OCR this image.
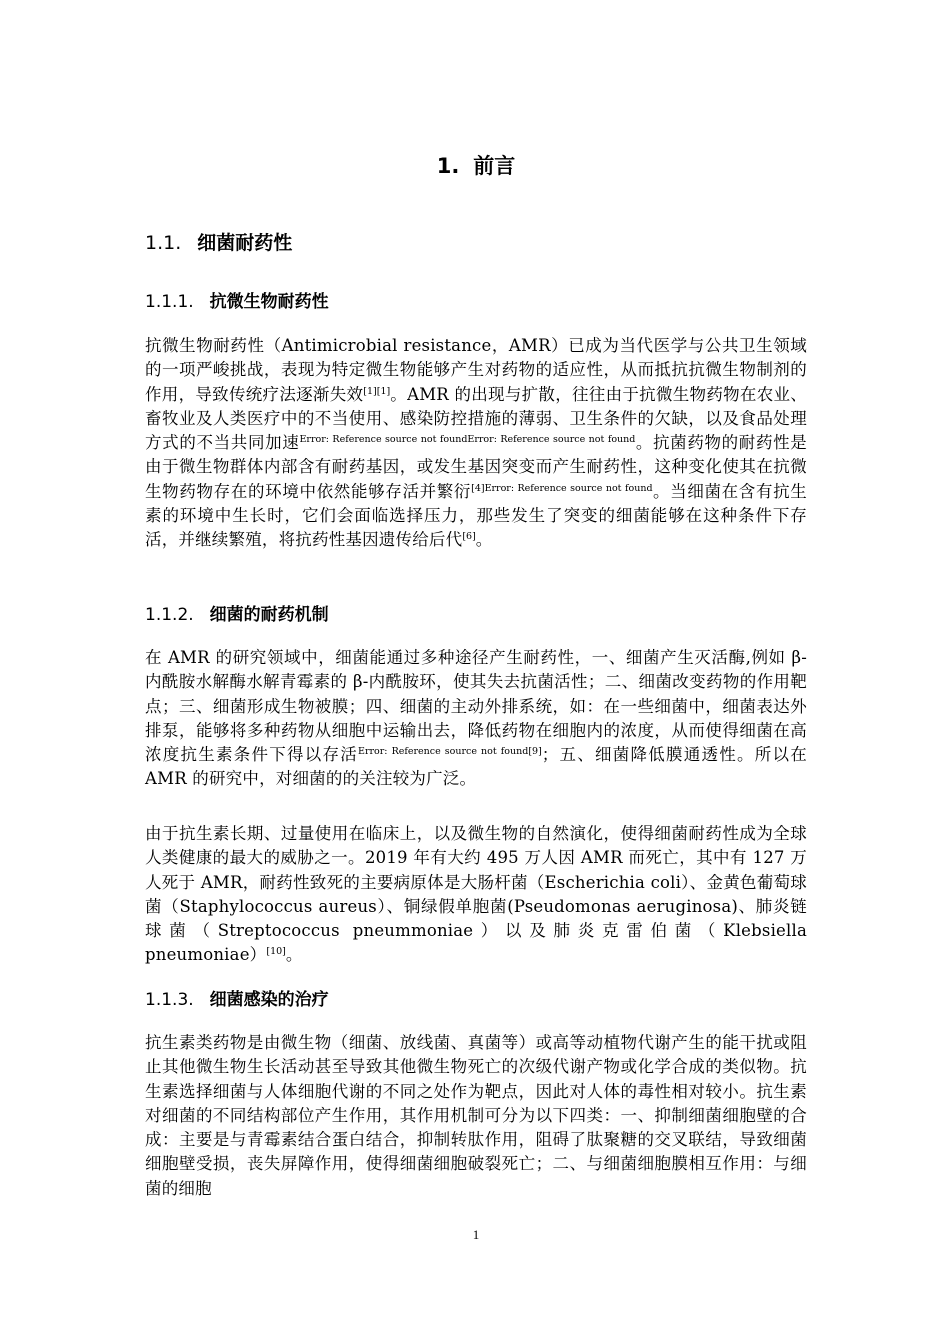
1. 前言
1.1. 细菌耐药性
1.1.1. 抗微生物耐药性

抗微生物耐药性（Antimicrobial resistance，AMR）已成为当代医学与公共卫生领域的一项严峻挑战，表现为特定微生物能够产生对药物的适应性，从而抵抗抗微生物制剂的作用，导致传统疗法逐渐失效[1][1]。AMR 的出现与扩散，往往由于抗微生物药物在农业、畜牧业及人类医疗中的不当使用、感染防控措施的薄弱、卫生条件的欠缺，以及食品处理方式的不当共同加速$^{Error: Reference source not foundError: Reference source not found}$。抗菌药物的耐药性是由于微生物群体内部含有耐药基因，或发生基因突变而产生耐药性，这种变化使其在抗微生物药物存在的环境中依然能够存活并繁衍$^{[4]Error: Reference source not found}$。当细菌在含有抗生素的环境中生长时，它们会面临选择压力，那些发生了突变的细菌能够在这种条件下存活，并继续繁殖，将抗药性基因遗传给后代[6]。

1.1.2. 细菌的耐药机制

在 AMR 的研究领域中，细菌能通过多种途径产生耐药性，一、细菌产生灭活酶,例如 β-内酰胺水解酶水解青霉素的 β-内酰胺环，使其失去抗菌活性；二、细菌改变药物的作用靶点；三、细菌形成生物被膜；四、细菌的主动外排系统，如：在一些细菌中，细菌表达外排泵，能够将多种药物从细胞中运输出去，降低药物在细胞内的浓度，从而使得细菌在高浓度抗生素条件下得以存活$^{Error: Reference source not found[9]}$；五、细菌降低膜通透性。所以在 AMR 的研究中，对细菌的的关注较为广泛。

由于抗生素长期、过量使用在临床上，以及微生物的自然演化，使得细菌耐药性成为全球人类健康的最大的威胁之一。2019 年有大约 495 万人因 AMR 而死亡，其中有 127 万人死于 AMR，耐药性致死的主要病原体是大肠杆菌（Escherichia coli）、金黄色葡萄球菌（Staphylococcus aureus）、铜绿假单胞菌(Pseudomonas aeruginosa)、肺炎链球菌（Streptococcus pneummoniae）以及肺炎克雷伯菌（Klebsiella pneumoniae）[10]。

1.1.3. 细菌感染的治疗

抗生素类药物是由微生物（细菌、放线菌、真菌等）或高等动植物代谢产生的能干扰或阻止其他微生物生长活动甚至导致其他微生物死亡的次级代谢产物或化学合成的类似物。抗生素选择细菌与人体细胞代谢的不同之处作为靶点，因此对人体的毒性相对较小。抗生素对细菌的不同结构部位产生作用，其作用机制可分为以下四类：一、抑制细菌细胞壁的合成：主要是与青霉素结合蛋白结合，抑制转肽作用，阻碍了肽聚糖的交叉联结，导致细菌细胞壁受损，丧失屏障作用，使得细菌细胞破裂死亡；二、与细菌细胞膜相互作用：与细菌的细胞

1
